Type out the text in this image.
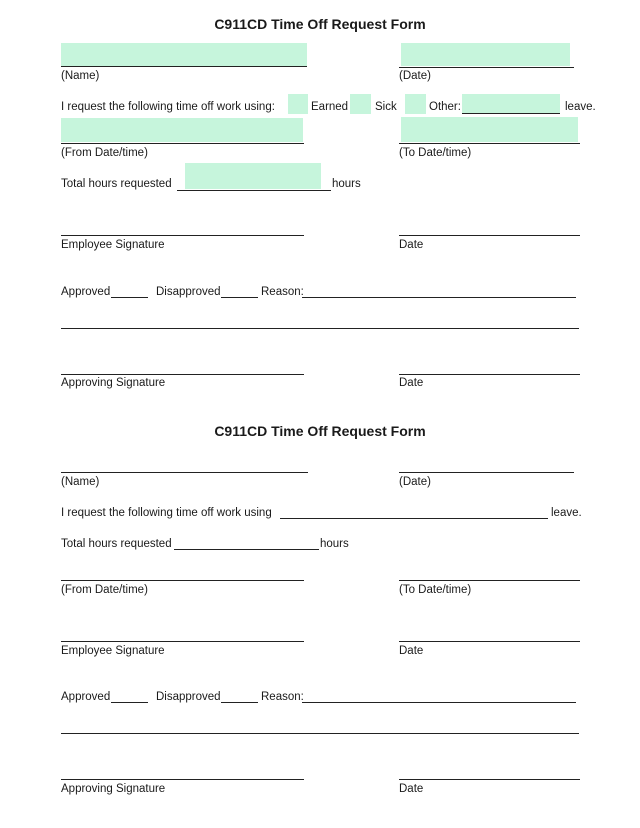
C911CD Time Off Request Form
(Name)	(Date)
I request the following time off work using:	Earned Sick	Other:	leave.
(From Date/time)	(To Date/time)
Total hours requested	hours
Employee Signature	Date
Approved	Disapproved	Reason:
Approving Signature	Date
C911CD Time Off Request Form
(Name)	(Date)
I request the following time off work using	leave.
Total hours requested	hours
(From Date/time)	(To Date/time)
Employee Signature	Date
Approved	Disapproved	Reason:
Approving Signature	Date
